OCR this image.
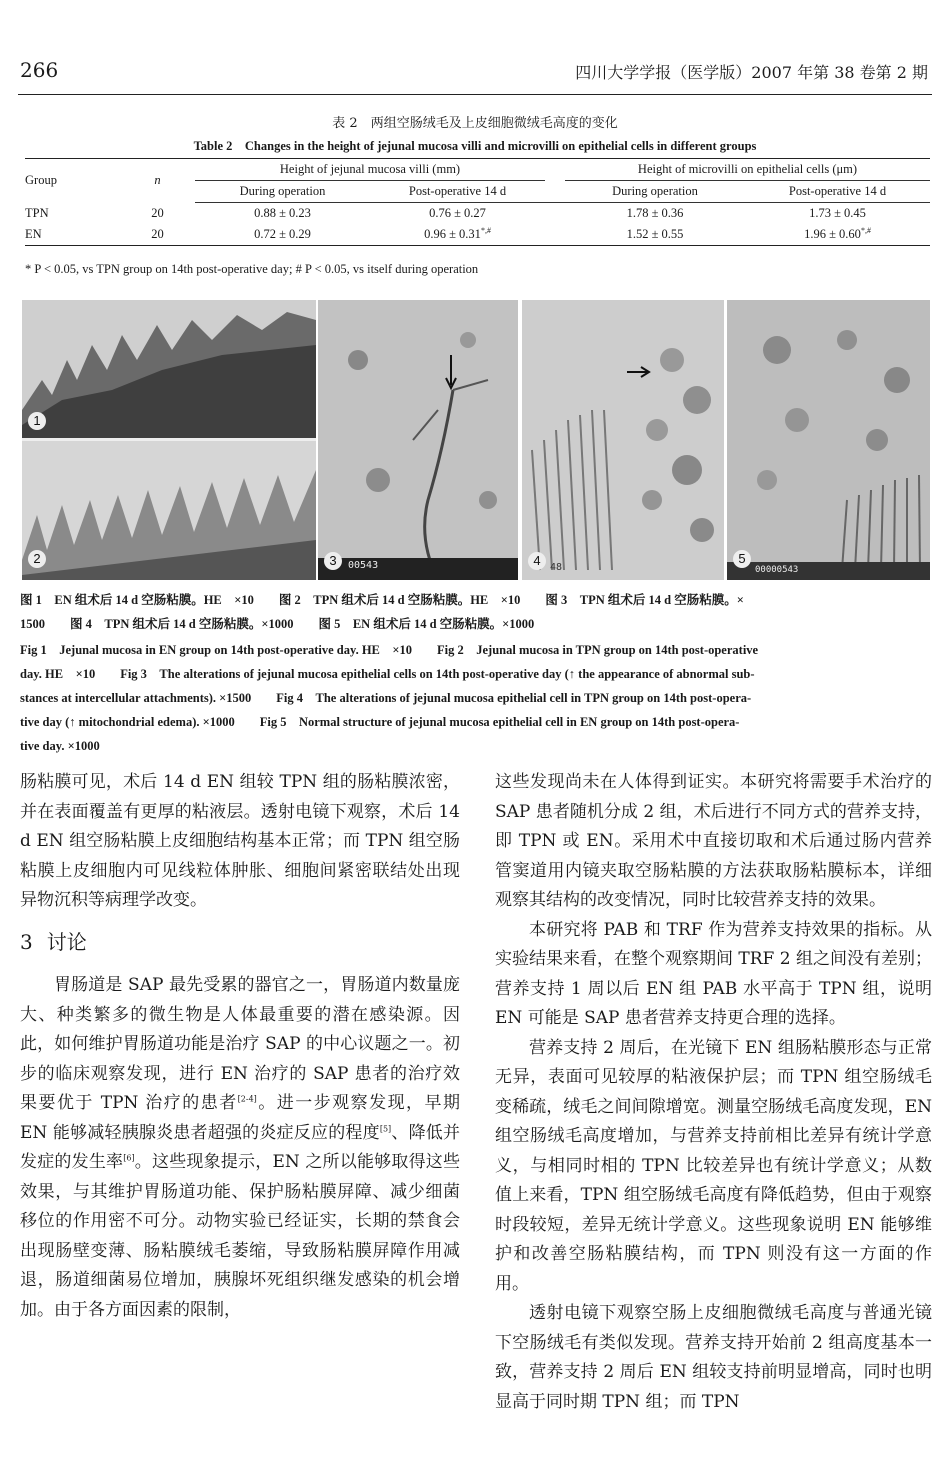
266	四川大学学报（医学版）2007 年第 38 卷第 2 期
表 2　两组空肠绒毛及上皮细胞微绒毛高度的变化
Table 2　Changes in the height of jejunal mucosa villi and microvilli on epithelial cells in different groups
Group	n	Height of jejunal mucosa villi (mm)			Height of microvilli on epithelial cells (μm)	
		During operation	Post-operative 14 d		During operation	Post-operative 14 d
TPN	20	0.88 ± 0.23	0.76 ± 0.27		1.78 ± 0.36	1.73 ± 0.45
EN	20	0.72 ± 0.29	0.96 ± 0.31*,#		1.52 ± 0.55	1.96 ± 0.60*,#
* P < 0.05, vs TPN group on 14th post-operative day; # P < 0.05, vs itself during operation
1
2	3	00543	4 48
5
00000543
图 1　EN 组术后 14 d 空肠粘膜。HE　×10　　图 2　TPN 组术后 14 d 空肠粘膜。HE　×10　　图 3　TPN 组术后 14 d 空肠粘膜。×
1500　　图 4　TPN 组术后 14 d 空肠粘膜。×1000　　图 5　EN 组术后 14 d 空肠粘膜。×1000
Fig 1　Jejunal mucosa in EN group on 14th post-operative day. HE　×10　　Fig 2　Jejunal mucosa in TPN group on 14th post-operative
day. HE　×10　　Fig 3　The alterations of jejunal mucosa epithelial cells on 14th post-operative day (↑ the appearance of abnormal sub-
stances at intercellular attachments). ×1500　　Fig 4　The alterations of jejunal mucosa epithelial cell in TPN group on 14th post-opera-
tive day (↑ mitochondrial edema). ×1000　　Fig 5　Normal structure of jejunal mucosa epithelial cell in EN group on 14th post-opera-
tive day. ×1000

肠粘膜可见，术后 14 d EN 组较 TPN 组的肠粘膜浓密，并在表面覆盖有更厚的粘液层。透射电镜下观察，术后 14 d EN 组空肠粘膜上皮细胞结构基本正常；而 TPN 组空肠粘膜上皮细胞内可见线粒体肿胀、细胞间紧密联结处出现异物沉积等病理学改变。

3 讨论

胃肠道是 SAP 最先受累的器官之一，胃肠道内数量庞大、种类繁多的微生物是人体最重要的潜在感染源。因此，如何维护胃肠道功能是治疗 SAP 的中心议题之一。初步的临床观察发现，进行 EN 治疗的 SAP 患者的治疗效果要优于 TPN 治疗的患者[2-4]。进一步观察发现，早期 EN 能够减轻胰腺炎患者超强的炎症反应的程度[5]、降低并发症的发生率[6]。这些现象提示，EN 之所以能够取得这些效果，与其维护胃肠道功能、保护肠粘膜屏障、减少细菌移位的作用密不可分。动物实验已经证实，长期的禁食会出现肠壁变薄、肠粘膜绒毛萎缩，导致肠粘膜屏障作用减退，肠道细菌易位增加，胰腺坏死组织继发感染的机会增加。由于各方面因素的限制，

这些发现尚未在人体得到证实。本研究将需要手术治疗的 SAP 患者随机分成 2 组，术后进行不同方式的营养支持，即 TPN 或 EN。采用术中直接切取和术后通过肠内营养管窦道用内镜夹取空肠粘膜的方法获取肠粘膜标本，详细观察其结构的改变情况，同时比较营养支持的效果。

本研究将 PAB 和 TRF 作为营养支持效果的指标。从实验结果来看，在整个观察期间 TRF 2 组之间没有差别；营养支持 1 周以后 EN 组 PAB 水平高于 TPN 组，说明 EN 可能是 SAP 患者营养支持更合理的选择。

营养支持 2 周后，在光镜下 EN 组肠粘膜形态与正常无异，表面可见较厚的粘液保护层；而 TPN 组空肠绒毛变稀疏，绒毛之间间隙增宽。测量空肠绒毛高度发现，EN 组空肠绒毛高度增加，与营养支持前相比差异有统计学意义，与相同时相的 TPN 比较差异也有统计学意义；从数值上来看，TPN 组空肠绒毛高度有降低趋势，但由于观察时段较短，差异无统计学意义。这些现象说明 EN 能够维护和改善空肠粘膜结构，而 TPN 则没有这一方面的作用。

透射电镜下观察空肠上皮细胞微绒毛高度与普通光镜下空肠绒毛有类似发现。营养支持开始前 2 组高度基本一致，营养支持 2 周后 EN 组较支持前明显增高，同时也明显高于同时期 TPN 组；而 TPN
